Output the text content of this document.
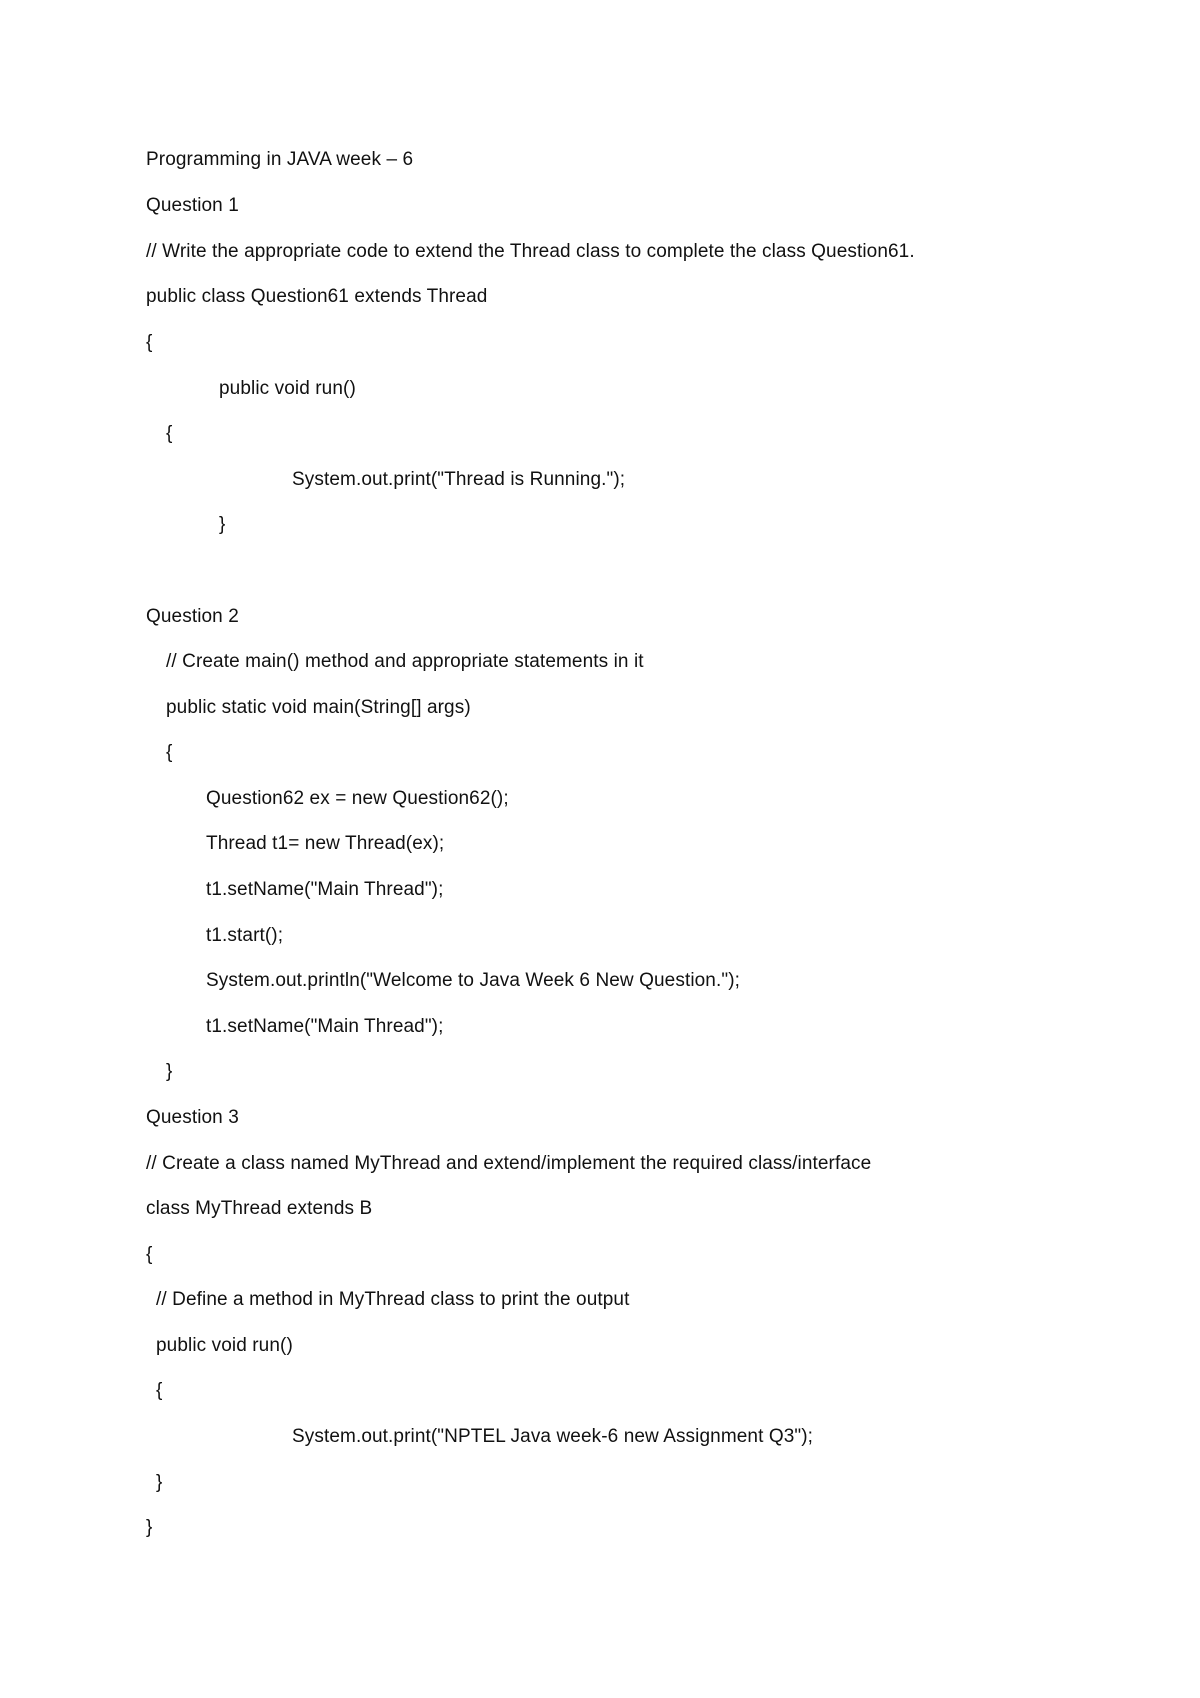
Programming in JAVA week – 6
Question 1
// Write the appropriate code to extend the Thread class to complete the class Question61.
public class Question61 extends Thread
{
public void run()
{
System.out.print("Thread is Running.");
}
Question 2
// Create main() method and appropriate statements in it
public static void main(String[] args)
{
Question62 ex = new Question62();
Thread t1= new Thread(ex);
t1.setName("Main Thread");
t1.start();
System.out.println("Welcome to Java Week 6 New Question.");
t1.setName("Main Thread");
}
Question 3
// Create a class named MyThread and extend/implement the required class/interface
class MyThread extends B
{
// Define a method in MyThread class to print the output
public void run()
{
System.out.print("NPTEL Java week-6 new Assignment Q3");
}
}
